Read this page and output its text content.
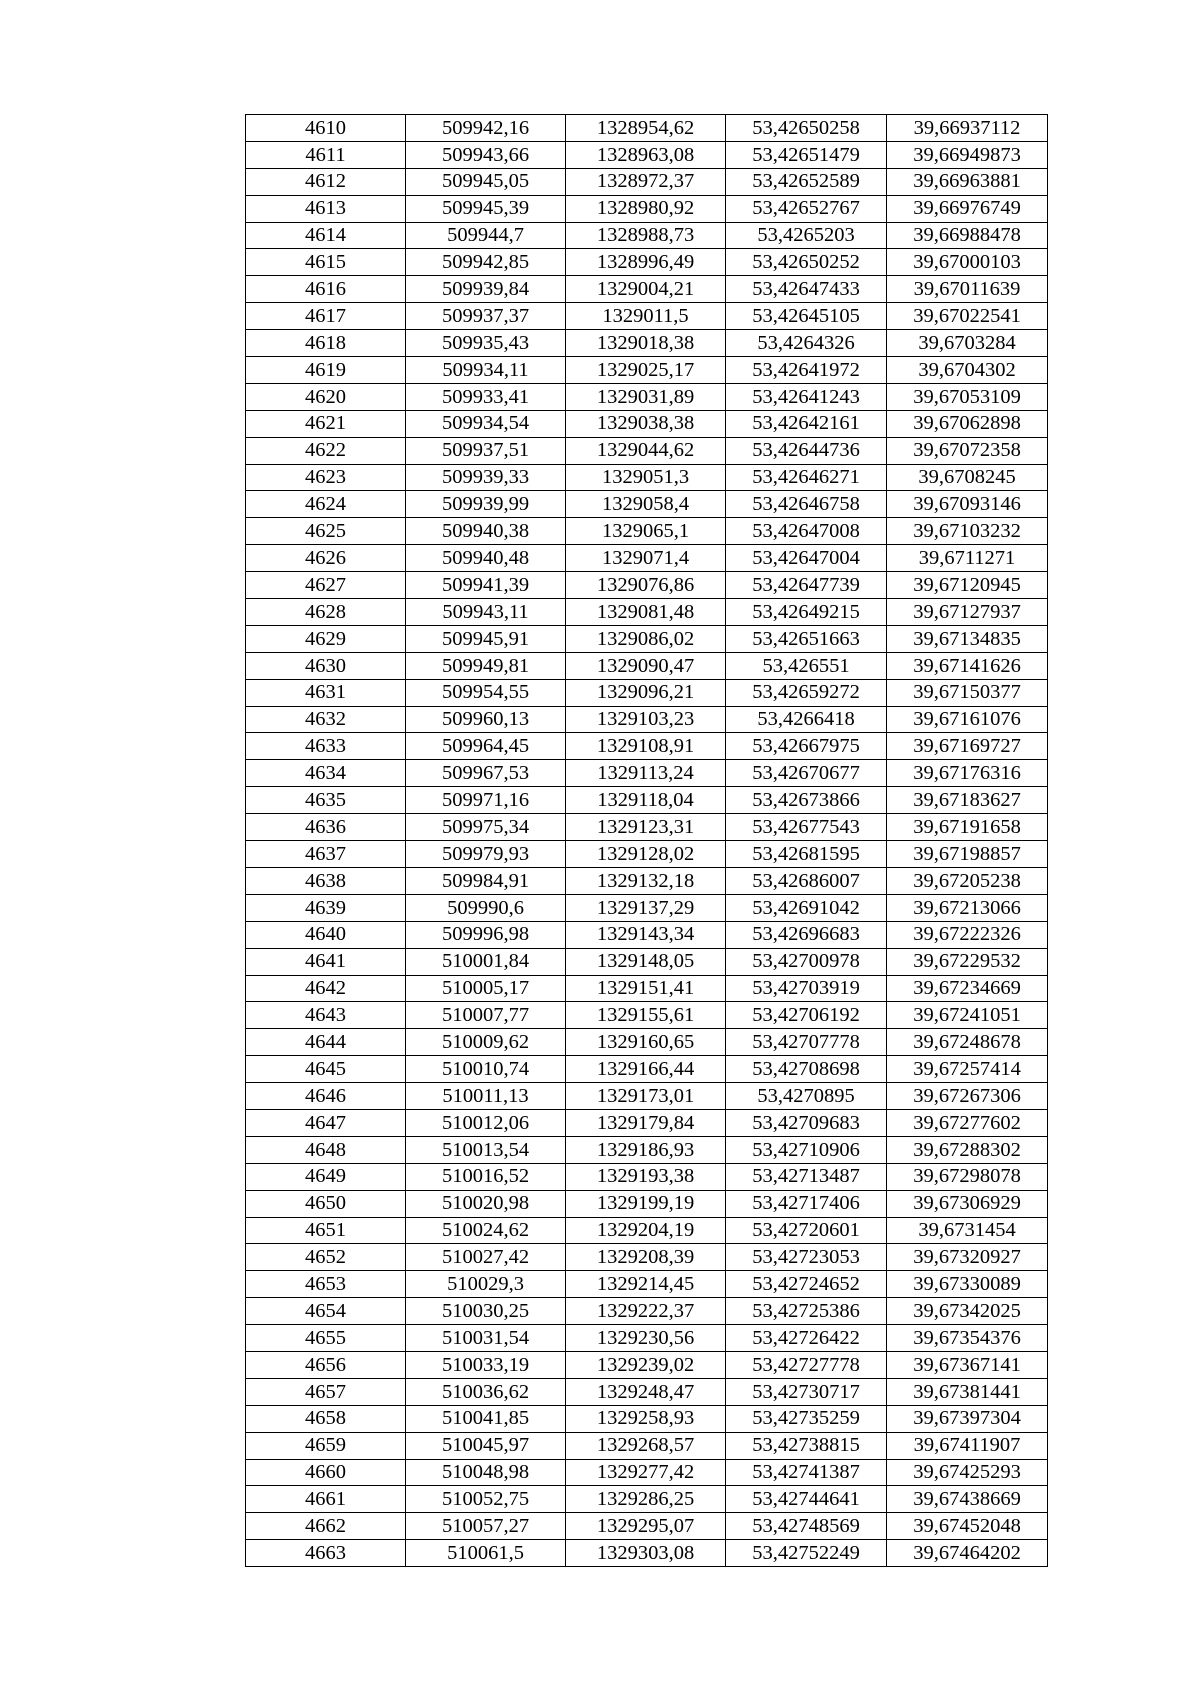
4610	509942,16	1328954,62	53,42650258	39,66937112
4611	509943,66	1328963,08	53,42651479	39,66949873
4612	509945,05	1328972,37	53,42652589	39,66963881
4613	509945,39	1328980,92	53,42652767	39,66976749
4614	509944,7	1328988,73	53,4265203	39,66988478
4615	509942,85	1328996,49	53,42650252	39,67000103
4616	509939,84	1329004,21	53,42647433	39,67011639
4617	509937,37	1329011,5	53,42645105	39,67022541
4618	509935,43	1329018,38	53,4264326	39,6703284
4619	509934,11	1329025,17	53,42641972	39,6704302
4620	509933,41	1329031,89	53,42641243	39,67053109
4621	509934,54	1329038,38	53,42642161	39,67062898
4622	509937,51	1329044,62	53,42644736	39,67072358
4623	509939,33	1329051,3	53,42646271	39,6708245
4624	509939,99	1329058,4	53,42646758	39,67093146
4625	509940,38	1329065,1	53,42647008	39,67103232
4626	509940,48	1329071,4	53,42647004	39,6711271
4627	509941,39	1329076,86	53,42647739	39,67120945
4628	509943,11	1329081,48	53,42649215	39,67127937
4629	509945,91	1329086,02	53,42651663	39,67134835
4630	509949,81	1329090,47	53,426551	39,67141626
4631	509954,55	1329096,21	53,42659272	39,67150377
4632	509960,13	1329103,23	53,4266418	39,67161076
4633	509964,45	1329108,91	53,42667975	39,67169727
4634	509967,53	1329113,24	53,42670677	39,67176316
4635	509971,16	1329118,04	53,42673866	39,67183627
4636	509975,34	1329123,31	53,42677543	39,67191658
4637	509979,93	1329128,02	53,42681595	39,67198857
4638	509984,91	1329132,18	53,42686007	39,67205238
4639	509990,6	1329137,29	53,42691042	39,67213066
4640	509996,98	1329143,34	53,42696683	39,67222326
4641	510001,84	1329148,05	53,42700978	39,67229532
4642	510005,17	1329151,41	53,42703919	39,67234669
4643	510007,77	1329155,61	53,42706192	39,67241051
4644	510009,62	1329160,65	53,42707778	39,67248678
4645	510010,74	1329166,44	53,42708698	39,67257414
4646	510011,13	1329173,01	53,4270895	39,67267306
4647	510012,06	1329179,84	53,42709683	39,67277602
4648	510013,54	1329186,93	53,42710906	39,67288302
4649	510016,52	1329193,38	53,42713487	39,67298078
4650	510020,98	1329199,19	53,42717406	39,67306929
4651	510024,62	1329204,19	53,42720601	39,6731454
4652	510027,42	1329208,39	53,42723053	39,67320927
4653	510029,3	1329214,45	53,42724652	39,67330089
4654	510030,25	1329222,37	53,42725386	39,67342025
4655	510031,54	1329230,56	53,42726422	39,67354376
4656	510033,19	1329239,02	53,42727778	39,67367141
4657	510036,62	1329248,47	53,42730717	39,67381441
4658	510041,85	1329258,93	53,42735259	39,67397304
4659	510045,97	1329268,57	53,42738815	39,67411907
4660	510048,98	1329277,42	53,42741387	39,67425293
4661	510052,75	1329286,25	53,42744641	39,67438669
4662	510057,27	1329295,07	53,42748569	39,67452048
4663	510061,5	1329303,08	53,42752249	39,67464202
